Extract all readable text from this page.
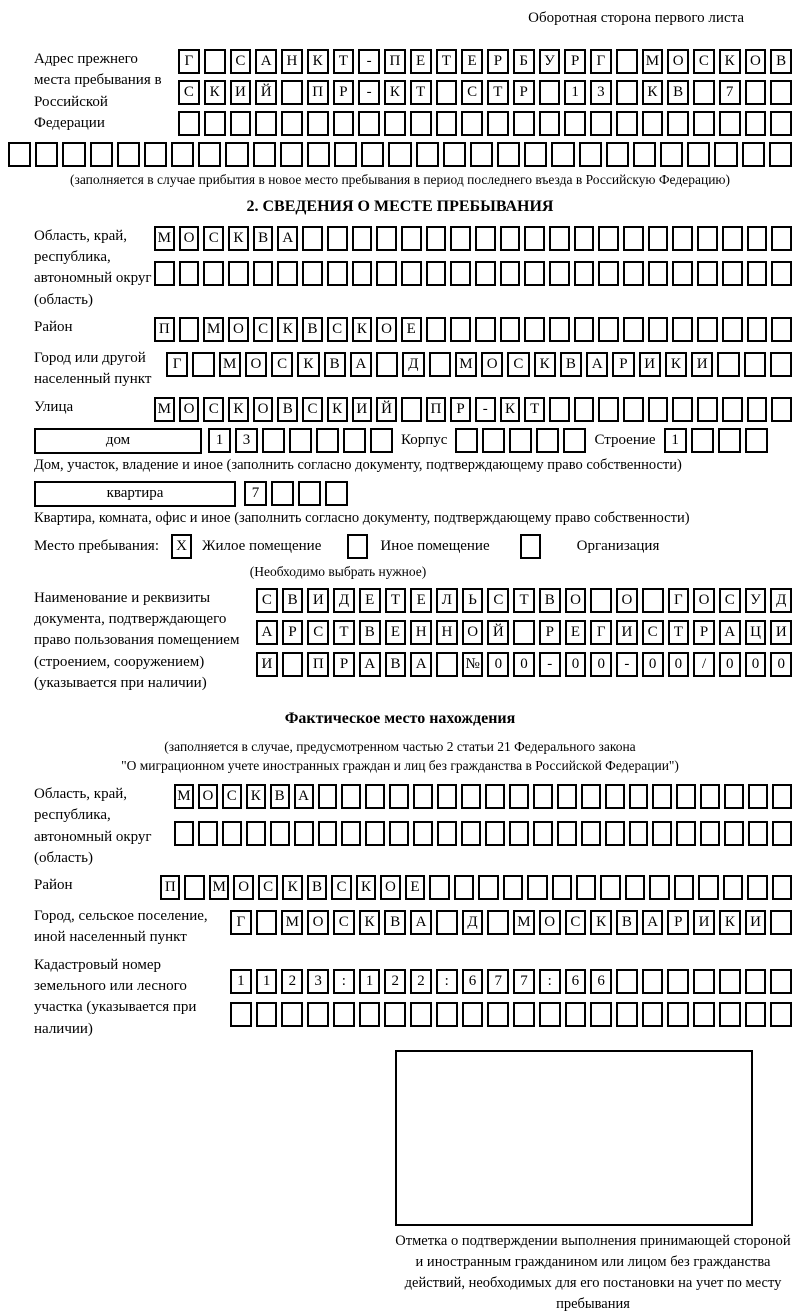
Оборотная сторона первого листа
Адрес прежнего места пребывания в Российской Федерации
Г	С	А Н	К	Т	-	П	Е	Т	Е	Р	Б	У	Р	Г	М О	С	К	О	В
С	К	И Й	П	Р	-	К	Т	С	Т	Р	1	3	К	В	7
(заполняется в случае прибытия в новое место пребывания в период последнего въезда в Российскую Федерацию)
2. СВЕДЕНИЯ О МЕСТЕ ПРЕБЫВАНИЯ
Область, край, республика, автономный округ (область)
М О С К В А
Район	П	М О С К В С К О Е
Город или другой населенный пункт
Г	М О	С	К	В	А	Д	М О	С	К	В	А	Р	И	К	И
Улица	М О С К О В С К И Й	П	Р	-	К	Т
дом	1	3	Корпус	Строение	1
Дом, участок, владение и иное (заполнить согласно документу, подтверждающему право собственности)
квартира	7
Квартира, комната, офис и иное (заполнить согласно документу, подтверждающему право собственности)
Место пребывания:	X	Жилое помещение	Иное помещение	Организация
(Необходимо выбрать нужное)
Наименование и реквизиты документа, подтверждающего право пользования помещением (строением, сооружением) (указывается при наличии)
С	В	И	Д	Е	Т	Е	Л	Ь	С	Т	В	О	О	Г	О	С	У	Д
А	Р	С	Т	В	Е	Н Н О Й	Р	Е	Г	И	С	Т	Р	А Ц И
И	П	Р	А	В	А	№ 0	0	-	0	0	-	0	0	/	0	0	0
Фактическое место нахождения
(заполняется в случае, предусмотренном частью 2 статьи 21 Федерального закона
"О миграционном учете иностранных граждан и лиц без гражданства в Российской Федерации")
Область, край, республика, автономный округ (область)
М О С К В А
Район	П	М О С К В С К О Е
Город, сельское поселение, иной населенный пункт
Г	М О	С	К	В	А	Д	М О	С	К	В	А	Р	И	К	И
Кадастровый номер земельного или лесного участка (указывается при наличии)
1	1	2	3	:	1	2	2	:	6	7	7	:	6	6
Отметка о подтверждении выполнения принимающей стороной и иностранным гражданином или лицом без гражданства действий, необходимых для его постановки на учет по месту пребывания
